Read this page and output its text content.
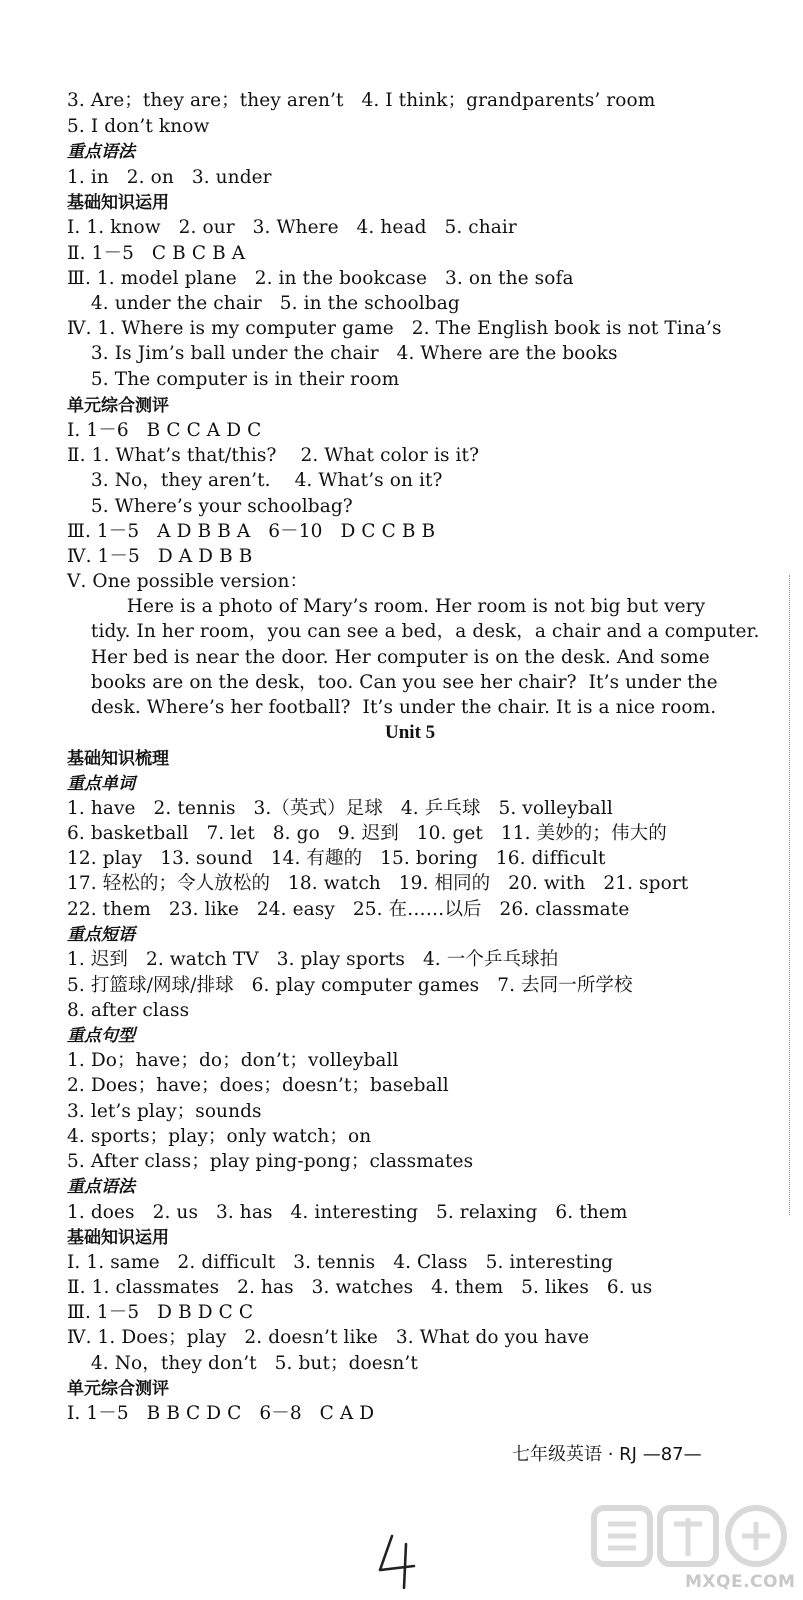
3. Are；they are；they aren’t   4. I think；grandparents’ room
5. I don’t know
重点语法
1. in   2. on   3. under
基础知识运用
Ⅰ. 1. know   2. our   3. Where   4. head   5. chair
Ⅱ. 1－5   C B C B A
Ⅲ. 1. model plane   2. in the bookcase   3. on the sofa
4. under the chair   5. in the schoolbag
Ⅳ. 1. Where is my computer game   2. The English book is not Tina’s
3. Is Jim’s ball under the chair   4. Where are the books
5. The computer is in their room
单元综合测评
Ⅰ. 1－6   B C C A D C
Ⅱ. 1. What’s that/this?    2. What color is it?
3. No，they aren’t.    4. What’s on it?
5. Where’s your schoolbag?
Ⅲ. 1－5   A D B B A   6－10   D C C B B
Ⅳ. 1－5   D A D B B
Ⅴ. One possible version：
Here is a photo of Mary’s room. Her room is not big but very
tidy. In her room，you can see a bed，a desk，a chair and a computer.
Her bed is near the door. Her computer is on the desk. And some
books are on the desk，too. Can you see her chair?  It’s under the
desk. Where’s her football?  It’s under the chair. It is a nice room.
Unit 5
基础知识梳理
重点单词
1. have   2. tennis   3.（英式）足球   4. 乒乓球   5. volleyball
6. basketball   7. let   8. go   9. 迟到   10. get   11. 美妙的；伟大的
12. play   13. sound   14. 有趣的   15. boring   16. difficult
17. 轻松的；令人放松的   18. watch   19. 相同的   20. with   21. sport
22. them   23. like   24. easy   25. 在……以后   26. classmate
重点短语
1. 迟到   2. watch TV   3. play sports   4. 一个乒乓球拍
5. 打篮球/网球/排球   6. play computer games   7. 去同一所学校
8. after class
重点句型
1. Do；have；do；don’t；volleyball
2. Does；have；does；doesn’t；baseball
3. let’s play；sounds
4. sports；play；only watch；on
5. After class；play ping-pong；classmates
重点语法
1. does   2. us   3. has   4. interesting   5. relaxing   6. them
基础知识运用
Ⅰ. 1. same   2. difficult   3. tennis   4. Class   5. interesting
Ⅱ. 1. classmates   2. has   3. watches   4. them   5. likes   6. us
Ⅲ. 1－5   D B D C C
Ⅳ. 1. Does；play   2. doesn’t like   3. What do you have
4. No，they don’t   5. but；doesn’t
单元综合测评
Ⅰ. 1－5   B B C D C   6－8   C A D
七年级英语 · RJ —87—
MXQE.COM
